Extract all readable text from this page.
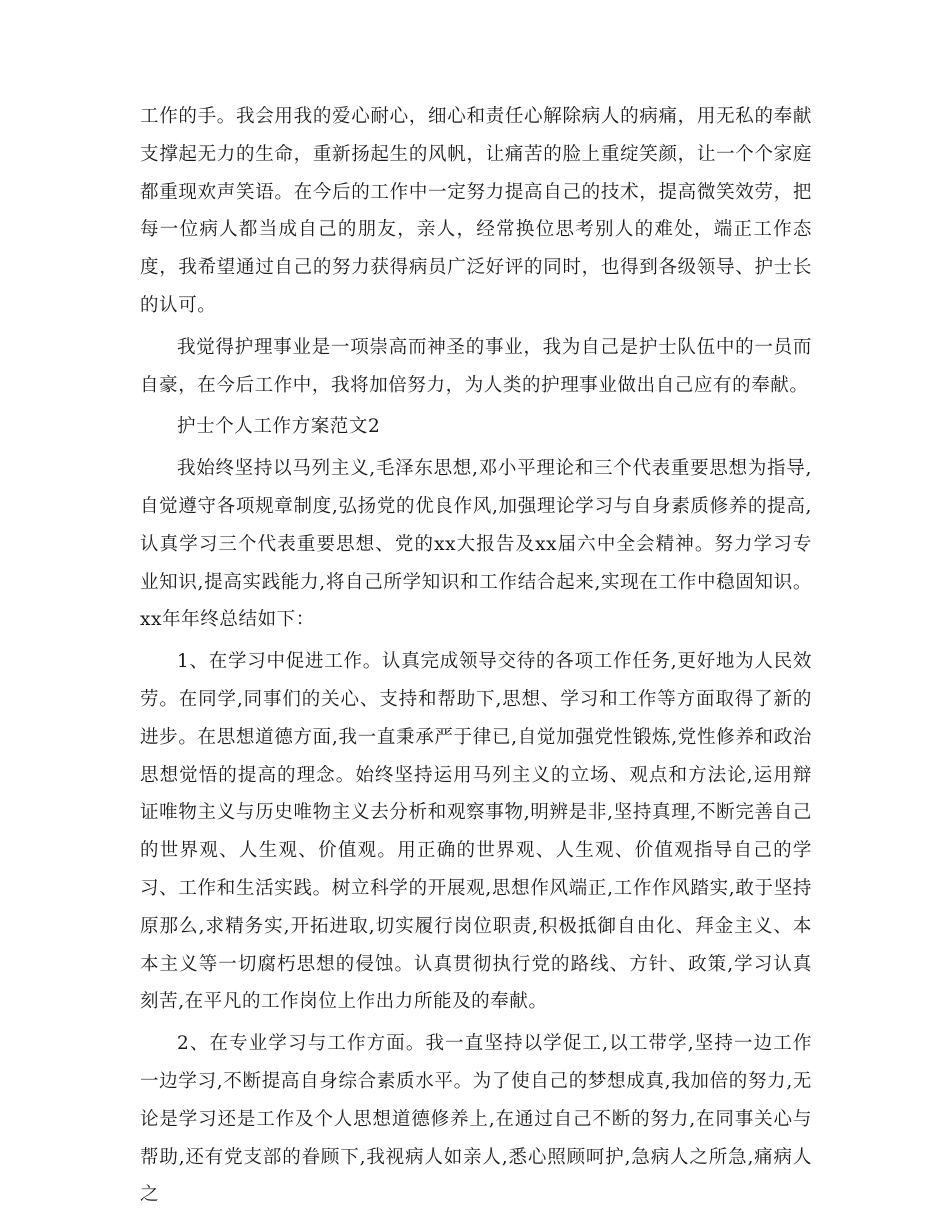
工作的手。我会用我的爱心耐心，细心和责任心解除病人的病痛，用无私的奉献支撑起无力的生命，重新扬起生的风帆，让痛苦的脸上重绽笑颜，让一个个家庭都重现欢声笑语。在今后的工作中一定努力提高自己的技术，提高微笑效劳，把每一位病人都当成自己的朋友，亲人，经常换位思考别人的难处，端正工作态度，我希望通过自己的努力获得病员广泛好评的同时，也得到各级领导、护士长的认可。

我觉得护理事业是一项崇高而神圣的事业，我为自己是护士队伍中的一员而自豪，在今后工作中，我将加倍努力，为人类的护理事业做出自己应有的奉献。

护士个人工作方案范文2

我始终坚持以马列主义,毛泽东思想,邓小平理论和三个代表重要思想为指导,自觉遵守各项规章制度,弘扬党的优良作风,加强理论学习与自身素质修养的提高,认真学习三个代表重要思想、党的xx大报告及xx届六中全会精神。努力学习专业知识,提高实践能力,将自己所学知识和工作结合起来,实现在工作中稳固知识。xx年年终总结如下：

1、在学习中促进工作。认真完成领导交待的各项工作任务,更好地为人民效劳。在同学,同事们的关心、支持和帮助下,思想、学习和工作等方面取得了新的进步。在思想道德方面,我一直秉承严于律已,自觉加强党性锻炼,党性修养和政治思想觉悟的提高的理念。始终坚持运用马列主义的立场、观点和方法论,运用辩证唯物主义与历史唯物主义去分析和观察事物,明辨是非,坚持真理,不断完善自己的世界观、人生观、价值观。用正确的世界观、人生观、价值观指导自己的学习、工作和生活实践。树立科学的开展观,思想作风端正,工作作风踏实,敢于坚持原那么,求精务实,开拓进取,切实履行岗位职责,积极抵御自由化、拜金主义、本本主义等一切腐朽思想的侵蚀。认真贯彻执行党的路线、方针、政策,学习认真刻苦,在平凡的工作岗位上作出力所能及的奉献。

2、在专业学习与工作方面。我一直坚持以学促工,以工带学,坚持一边工作一边学习,不断提高自身综合素质水平。为了使自己的梦想成真,我加倍的努力,无论是学习还是工作及个人思想道德修养上,在通过自己不断的努力,在同事关心与帮助,还有党支部的眷顾下,我视病人如亲人,悉心照顾呵护,急病人之所急,痛病人之
